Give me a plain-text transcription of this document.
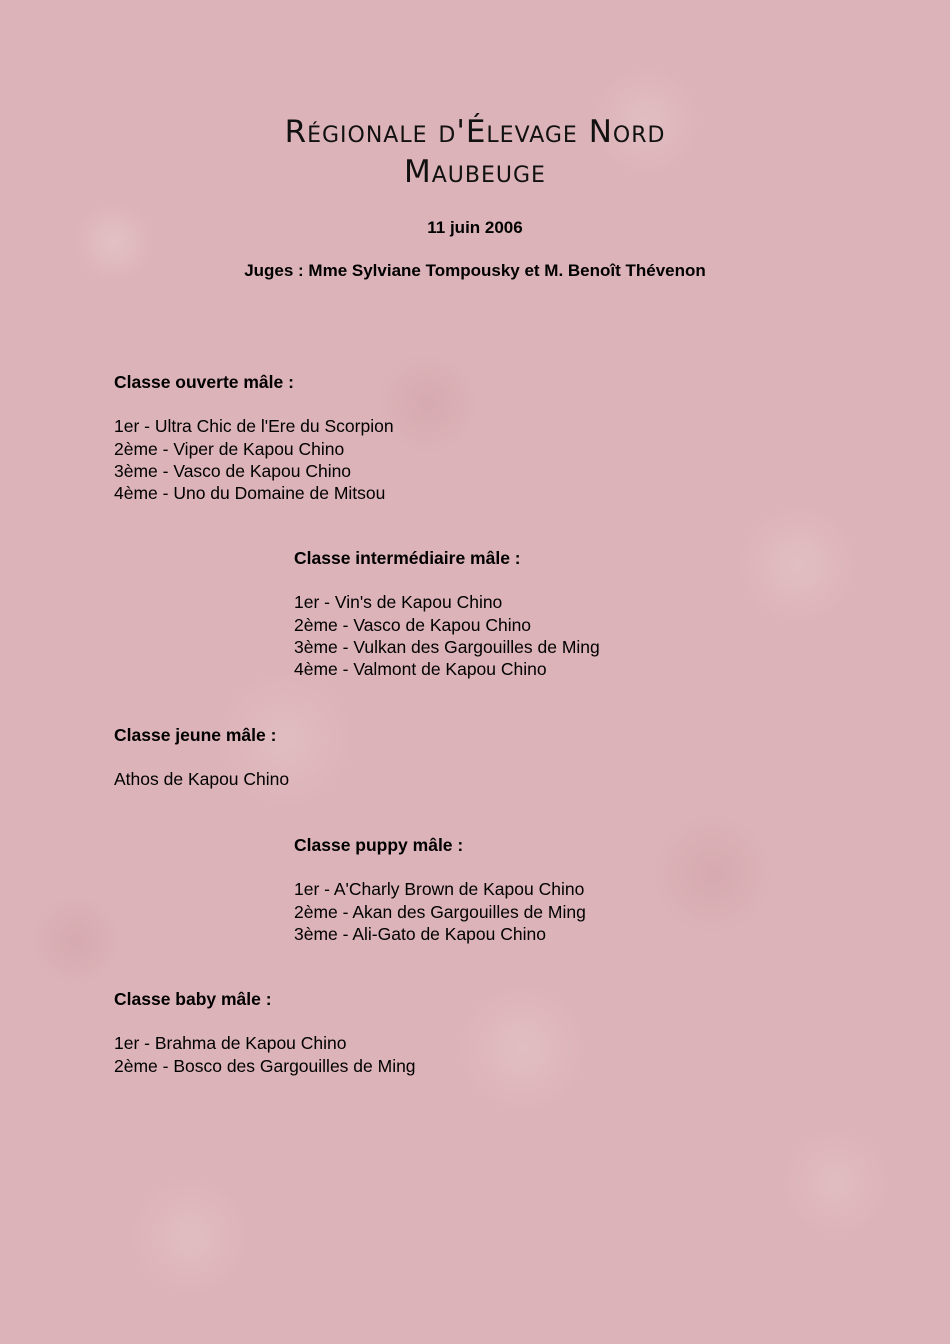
Régionale d'Élevage Nord
Maubeuge
11 juin 2006
Juges : Mme Sylviane Tompousky et M. Benoît Thévenon
Classe ouverte mâle :
1er - Ultra Chic de l'Ere du Scorpion
2ème - Viper de Kapou Chino
3ème - Vasco de Kapou Chino
4ème - Uno du Domaine de Mitsou
Classe intermédiaire mâle :
1er - Vin's de Kapou Chino
2ème - Vasco de Kapou Chino
3ème - Vulkan des Gargouilles de Ming
4ème - Valmont de Kapou Chino
Classe jeune mâle :
Athos de Kapou Chino
Classe puppy mâle :
1er - A'Charly Brown de Kapou Chino
2ème - Akan des Gargouilles de Ming
3ème - Ali-Gato de Kapou Chino
Classe baby mâle :
1er - Brahma de Kapou Chino
2ème - Bosco des Gargouilles de Ming
